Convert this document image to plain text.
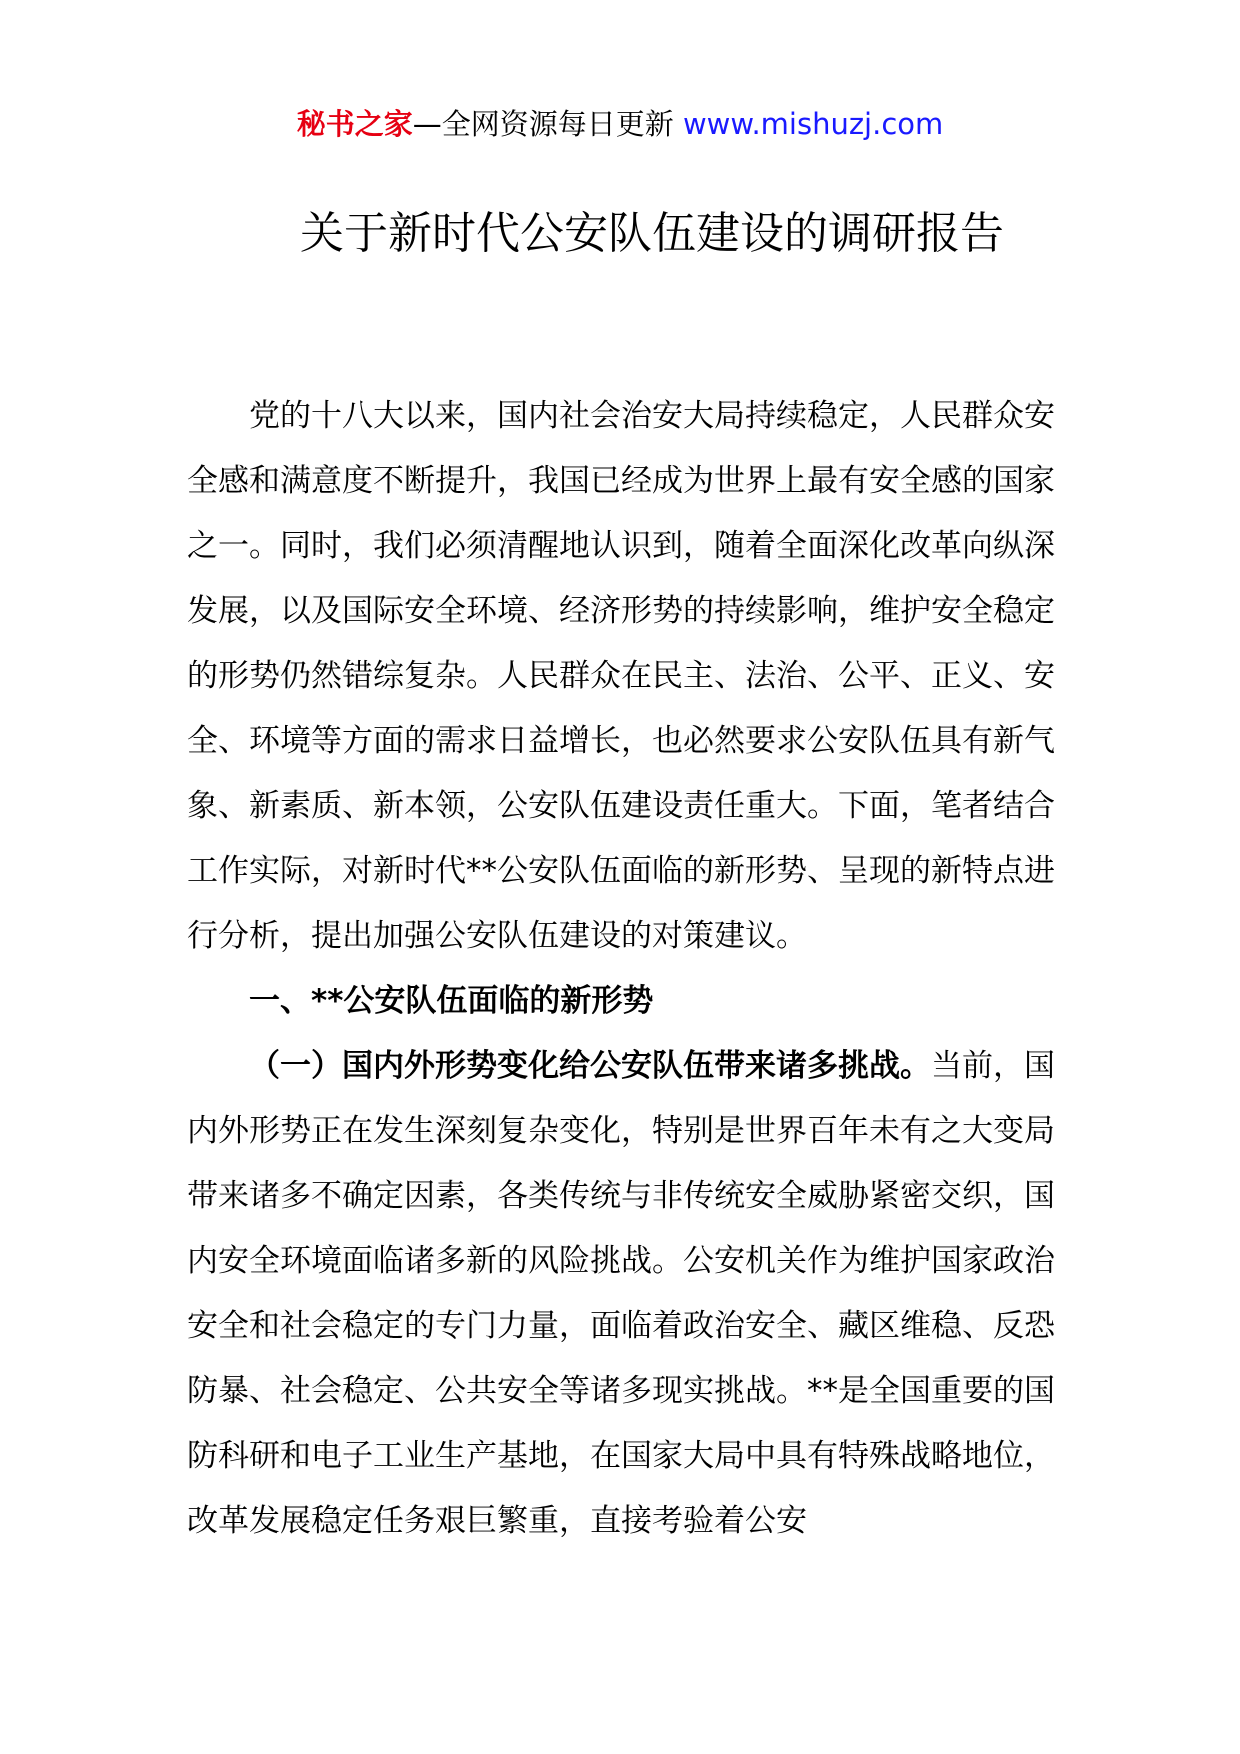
秘书之家—全网资源每日更新 www.mishuzj.com
关于新时代公安队伍建设的调研报告

党的十八大以来，国内社会治安大局持续稳定，人民群众安全感和满意度不断提升，我国已经成为世界上最有安全感的国家之一。同时，我们必须清醒地认识到，随着全面深化改革向纵深发展，以及国际安全环境、经济形势的持续影响，维护安全稳定的形势仍然错综复杂。人民群众在民主、法治、公平、正义、安全、环境等方面的需求日益增长，也必然要求公安队伍具有新气象、新素质、新本领，公安队伍建设责任重大。下面，笔者结合工作实际，对新时代**公安队伍面临的新形势、呈现的新特点进行分析，提出加强公安队伍建设的对策建议。

一、**公安队伍面临的新形势

（一）国内外形势变化给公安队伍带来诸多挑战。当前，国内外形势正在发生深刻复杂变化，特别是世界百年未有之大变局带来诸多不确定因素，各类传统与非传统安全威胁紧密交织，国内安全环境面临诸多新的风险挑战。公安机关作为维护国家政治安全和社会稳定的专门力量，面临着政治安全、藏区维稳、反恐防暴、社会稳定、公共安全等诸多现实挑战。**是全国重要的国防科研和电子工业生产基地，在国家大局中具有特殊战略地位，改革发展稳定任务艰巨繁重，直接考验着公安
